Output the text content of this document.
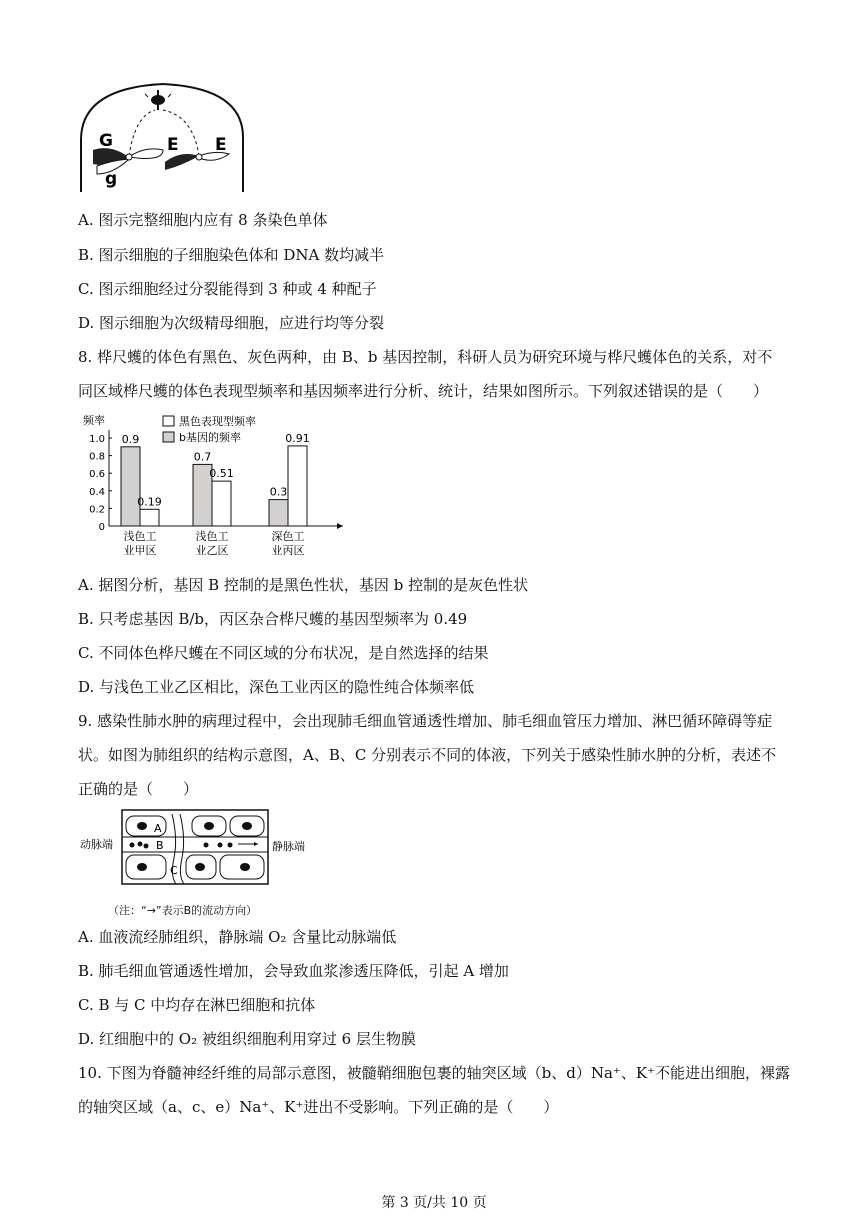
G
g
E E
A. 图示完整细胞内应有 8 条染色单体
B. 图示细胞的子细胞染色体和 DNA 数均减半
C. 图示细胞经过分裂能得到 3 种或 4 种配子
D. 图示细胞为次级精母细胞，应进行均等分裂
8. 桦尺蠖的体色有黑色、灰色两种，由 B、b 基因控制，科研人员为研究环境与桦尺蠖体色的关系，对不
同区域桦尺蠖的体色表现型频率和基因频率进行分析、统计，结果如图所示。下列叙述错误的是（　　）
频率
1.0
0.8
0.6
0.4
0.2
0
0.9
0.7
0.3
0.19
0.51
0.91
浅色工
业甲区
浅色工
业乙区
深色工
业丙区
黑色表现型频率
b基因的频率
A. 据图分析，基因 B 控制的是黑色性状，基因 b 控制的是灰色性状
B. 只考虑基因 B/b，丙区杂合桦尺蠖的基因型频率为 0.49
C. 不同体色桦尺蠖在不同区域的分布状况，是自然选择的结果
D. 与浅色工业乙区相比，深色工业丙区的隐性纯合体频率低
9. 感染性肺水肿的病理过程中，会出现肺毛细血管通透性增加、肺毛细血管压力增加、淋巴循环障碍等症
状。如图为肺组织的结构示意图，A、B、C 分别表示不同的体液，下列关于感染性肺水肿的分析，表述不
正确的是（　　）
动脉端	静脉端
A
B
C
（注：“→”表示B的流动方向）
A. 血液流经肺组织，静脉端 O₂ 含量比动脉端低
B. 肺毛细血管通透性增加，会导致血浆渗透压降低，引起 A 增加
C. B 与 C 中均存在淋巴细胞和抗体
D. 红细胞中的 O₂ 被组织细胞利用穿过 6 层生物膜
10. 下图为脊髓神经纤维的局部示意图，被髓鞘细胞包裹的轴突区域（b、d）Na⁺、K⁺不能进出细胞，裸露
的轴突区域（a、c、e）Na⁺、K⁺进出不受影响。下列正确的是（　　）
第 3 页/共 10 页
